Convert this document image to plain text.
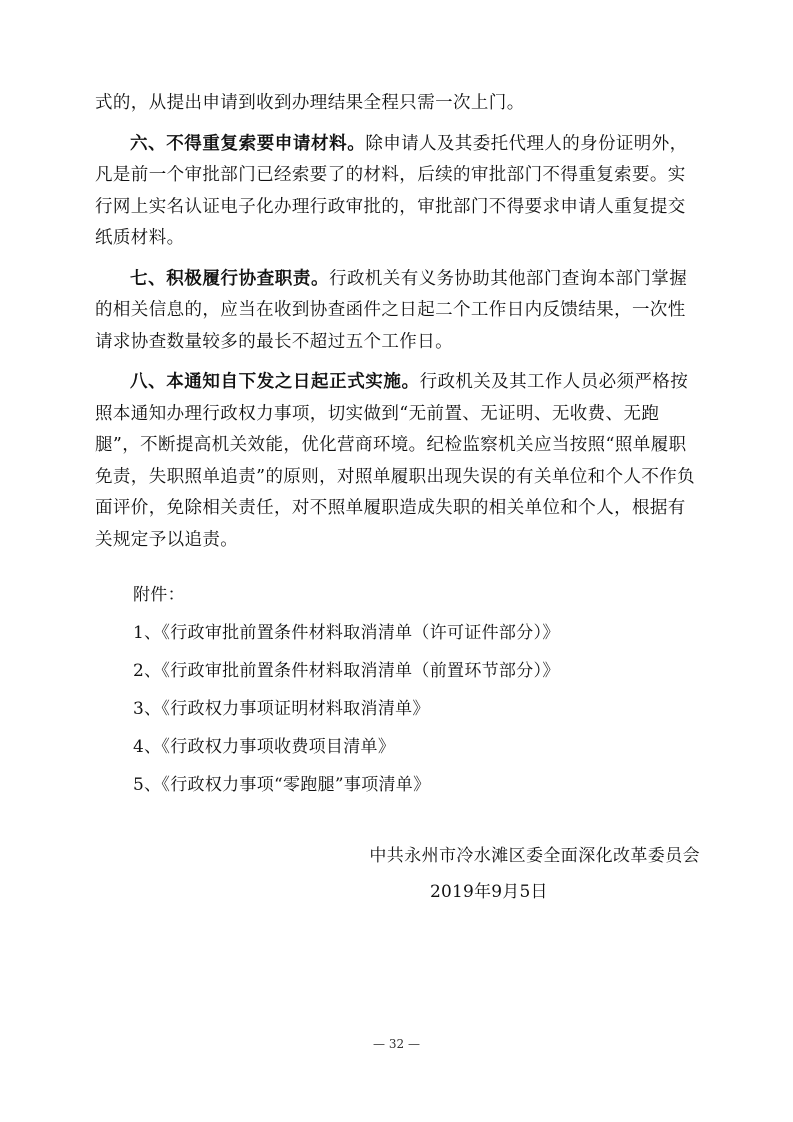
式的，从提出申请到收到办理结果全程只需一次上门。

六、不得重复索要申请材料。除申请人及其委托代理人的身份证明外，凡是前一个审批部门已经索要了的材料，后续的审批部门不得重复索要。实行网上实名认证电子化办理行政审批的，审批部门不得要求申请人重复提交纸质材料。

七、积极履行协查职责。行政机关有义务协助其他部门查询本部门掌握的相关信息的，应当在收到协查函件之日起二个工作日内反馈结果，一次性请求协查数量较多的最长不超过五个工作日。

八、本通知自下发之日起正式实施。行政机关及其工作人员必须严格按照本通知办理行政权力事项，切实做到“无前置、无证明、无收费、无跑腿”，不断提高机关效能，优化营商环境。纪检监察机关应当按照“照单履职免责，失职照单追责”的原则，对照单履职出现失误的有关单位和个人不作负面评价，免除相关责任，对不照单履职造成失职的相关单位和个人，根据有关规定予以追责。

附件：
1、《行政审批前置条件材料取消清单（许可证件部分）》
2、《行政审批前置条件材料取消清单（前置环节部分）》
3、《行政权力事项证明材料取消清单》
4、《行政权力事项收费项目清单》
5、《行政权力事项“零跑腿”事项清单》
中共永州市冷水滩区委全面深化改革委员会
2019年9月5日
— 32 —
